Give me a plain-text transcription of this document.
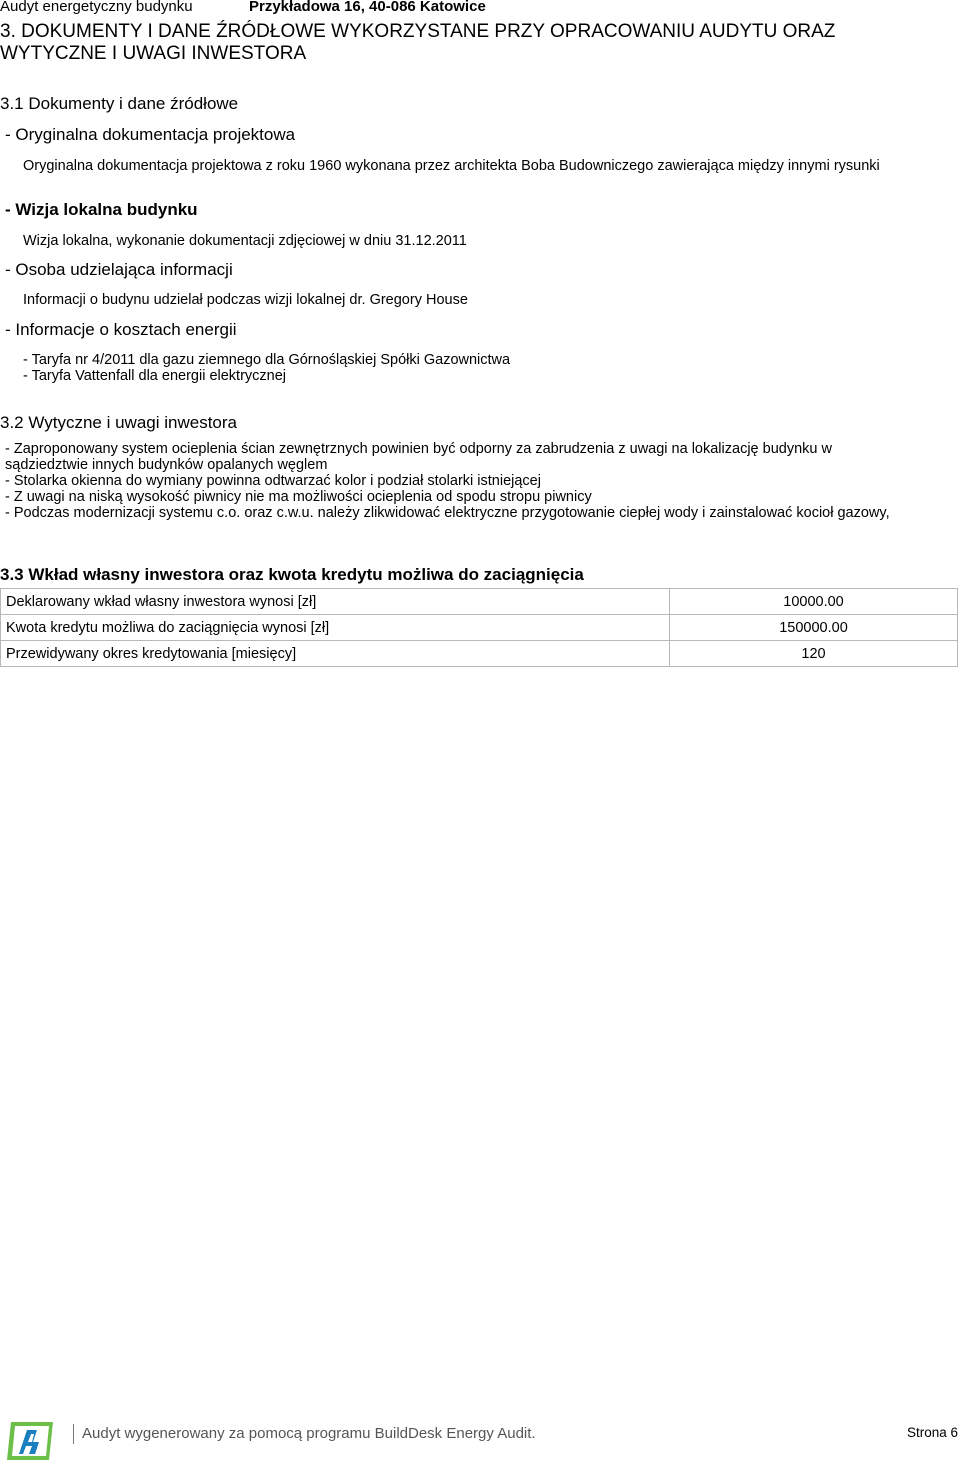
Audyt energetyczny budynku	Przykładowa 16, 40-086 Katowice
3. DOKUMENTY I DANE ŹRÓDŁOWE WYKORZYSTANE PRZY OPRACOWANIU AUDYTU ORAZ WYTYCZNE I UWAGI INWESTORA
3.1 Dokumenty i dane źródłowe
- Oryginalna dokumentacja projektowa
Oryginalna dokumentacja projektowa z roku 1960 wykonana przez architekta Boba Budowniczego zawierająca między innymi rysunki
- Wizja lokalna budynku
Wizja lokalna, wykonanie dokumentacji zdjęciowej w dniu 31.12.2011
- Osoba udzielająca informacji
Informacji o budynu udzielał podczas wizji lokalnej dr. Gregory House
- Informacje o kosztach energii
- Taryfa nr 4/2011 dla gazu ziemnego dla Górnośląskiej Spółki Gazownictwa
- Taryfa Vattenfall dla energii elektrycznej
3.2 Wytyczne i uwagi inwestora
- Zaproponowany system ocieplenia ścian zewnętrznych powinien być odporny za zabrudzenia z uwagi na lokalizację budynku w sądziedztwie innych budynków opalanych węglem
- Stolarka okienna do wymiany powinna odtwarzać kolor i podział stolarki istniejącej
- Z uwagi na niską wysokość piwnicy nie ma możliwości ocieplenia od spodu stropu piwnicy
- Podczas modernizacji systemu c.o. oraz c.w.u. należy zlikwidować elektryczne przygotowanie ciepłej wody i zainstalować kocioł gazowy,
3.3 Wkład własny inwestora oraz kwota kredytu możliwa do zaciągnięcia
Deklarowany wkład własny inwestora wynosi [zł]	10000.00
Kwota kredytu możliwa do zaciągnięcia wynosi [zł]	150000.00
Przewidywany okres kredytowania [miesięcy]	120
Audyt wygenerowany za pomocą programu BuildDesk Energy Audit.	Strona 6
